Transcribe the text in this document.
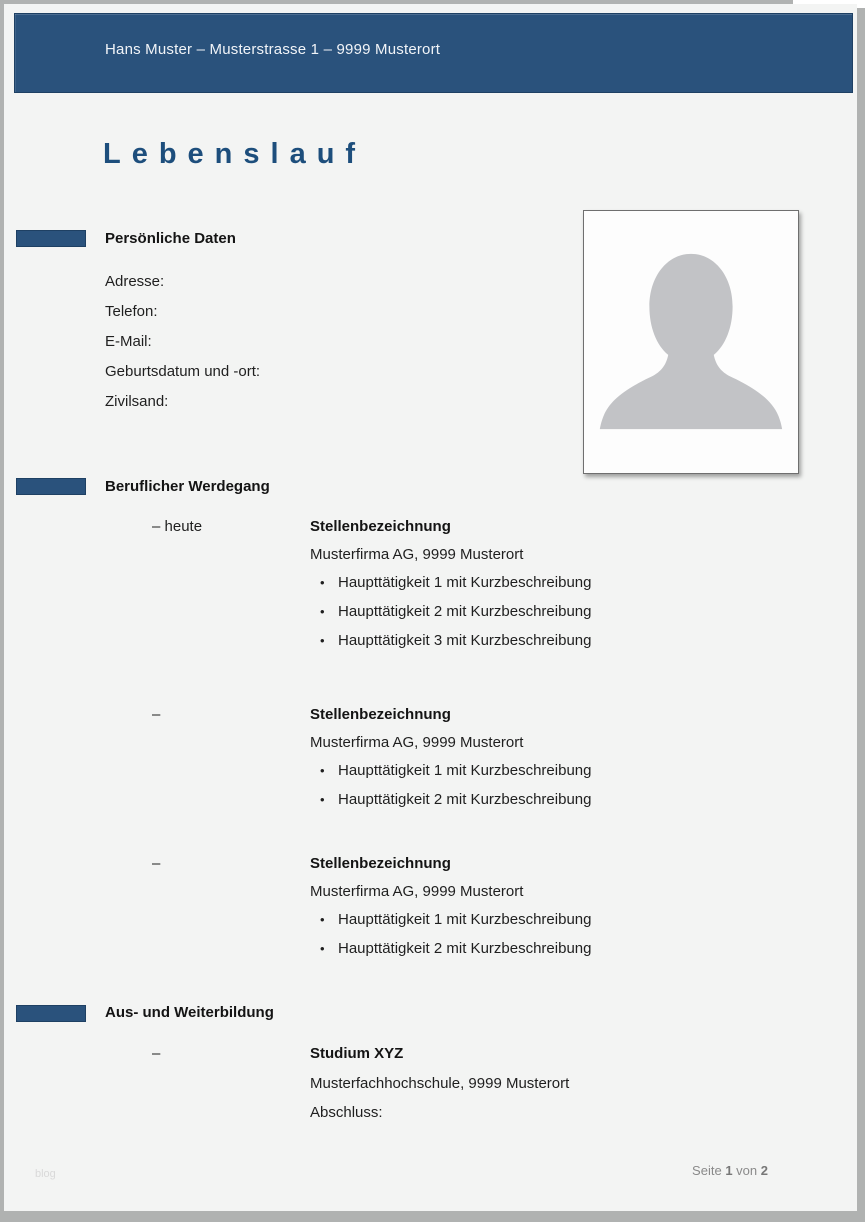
Hans Muster – Musterstrasse 1 – 9999 Musterort
Lebenslauf
Persönliche Daten
Adresse:
Telefon:
E-Mail:
Geburtsdatum und -ort:
Zivilsand:
Beruflicher Werdegang
– heute	Stellenbezeichnung
Musterfirma AG, 9999 Musterort
• Haupttätigkeit 1 mit Kurzbeschreibung
• Haupttätigkeit 2 mit Kurzbeschreibung
• Haupttätigkeit 3 mit Kurzbeschreibung
–	Stellenbezeichnung
Musterfirma AG, 9999 Musterort
• Haupttätigkeit 1 mit Kurzbeschreibung
• Haupttätigkeit 2 mit Kurzbeschreibung
–	Stellenbezeichnung
Musterfirma AG, 9999 Musterort
• Haupttätigkeit 1 mit Kurzbeschreibung
• Haupttätigkeit 2 mit Kurzbeschreibung
Aus- und Weiterbildung
–	Studium XYZ
Musterfachhochschule, 9999 Musterort
Abschluss:
blog	Seite 1 von 2
